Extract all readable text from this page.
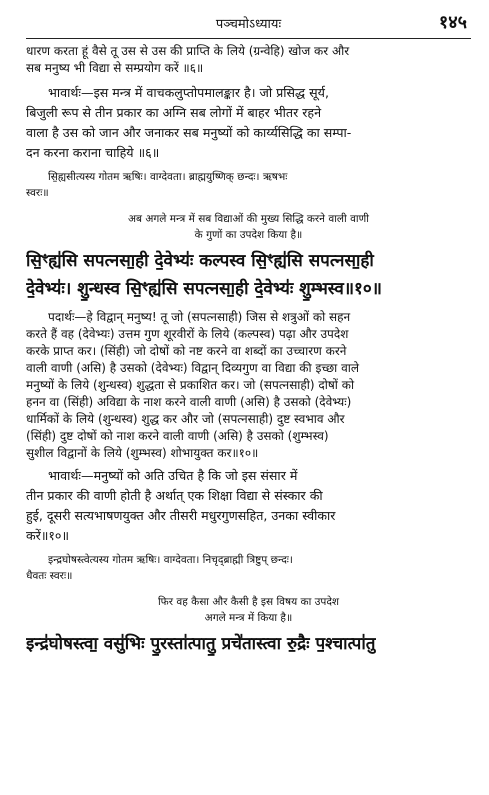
पञ्चमोऽध्यायः	१४५
धारण करता हूं वैसे तू उस से उस की प्राप्ति के लिये (ग्रन्वेहि) खोज कर और
सब मनुष्य भी विद्या से सम्प्रयोग करें ॥६॥
भावार्थः—इस मन्त्र में वाचकलुप्तोपमालङ्कार है। जो प्रसिद्ध सूर्य,
बिजुली रूप से तीन प्रकार का अग्नि सब लोगों में बाहर भीतर रहने
वाला है उस को जान और जनाकर सब मनुष्यों को कार्य्यसिद्धि का सम्पा-
दन करना कराना चाहिये ॥६॥
सि॒ह्यसीत्यस्य गोतम ऋषिः। वाग्देवता। ब्राह्मयुष्णिक् छन्दः। ऋषभः
स्वरः॥
अब अगले मन्त्र में सब विद्याओं की मुख्य सिद्धि करने वाली वाणी
के गुणों का उपदेश किया है॥
सि॒ꣳह्य॑सि सपत्नसा॒ही दे॒वेभ्यः॑ कल्पस्व सि॒ꣳह्य॑सि सपत्नसा॒ही
दे॒वेभ्यः॑। शु॒न्धस्व सि॒ꣳह्य॑सि सपत्नसा॒ही दे॒वेभ्यः॑ शु॒म्भस्व॥१०॥
पदार्थः—हे विद्वान् मनुष्य! तू जो (सपत्नसाही) जिस से शत्रुओं को सहन
करते हैं वह (देवेभ्यः) उत्तम गुण शूरवीरों के लिये (कल्पस्व) पढ़ा और उपदेश
करके प्राप्त कर। (सिंही) जो दोषों को नष्ट करने वा शब्दों का उच्चारण करने
वाली वाणी (असि) है उसको (देवेभ्यः) विद्वान् दिव्यगुण वा विद्या की इच्छा वाले
मनुष्यों के लिये (शुन्धस्व) शुद्धता से प्रकाशित कर। जो (सपत्नसाही) दोषों को
हनन वा (सिंही) अविद्या के नाश करने वाली वाणी (असि) है उसको (देवेभ्यः)
धार्मिकों के लिये (शुन्धस्व) शुद्ध कर और जो (सपत्नसाही) दुष्ट स्वभाव और
(सिंही) दुष्ट दोषों को नाश करने वाली वाणी (असि) है उसको (शुम्भस्व)
सुशील विद्वानों के लिये (शुम्भस्व) शोभायुक्त कर॥१०॥
भावार्थः—मनुष्यों को अति उचित है कि जो इस संसार में
तीन प्रकार की वाणी होती है अर्थात् एक शिक्षा विद्या से संस्कार की
हुई, दूसरी सत्यभाषणयुक्त और तीसरी मधुरगुणसहित, उनका स्वीकार
करें॥१०॥
इन्द्रघोषस्त्वेत्यस्य गोतम ऋषिः। वाग्देवता। निचृद्ब्राह्मी त्रिष्टुप् छन्दः।
धैवतः स्वरः॥
फिर वह कैसा और कैसी है इस विषय का उपदेश
अगले मन्त्र में किया है॥
इन्द्र॑घोषस्त्वा॒ वसु॑भिः पु॒रस्ता॑त्पातु॒ प्रचे॑तास्त्वा रु॒द्रैः प॒श्चात्पा॑तु
